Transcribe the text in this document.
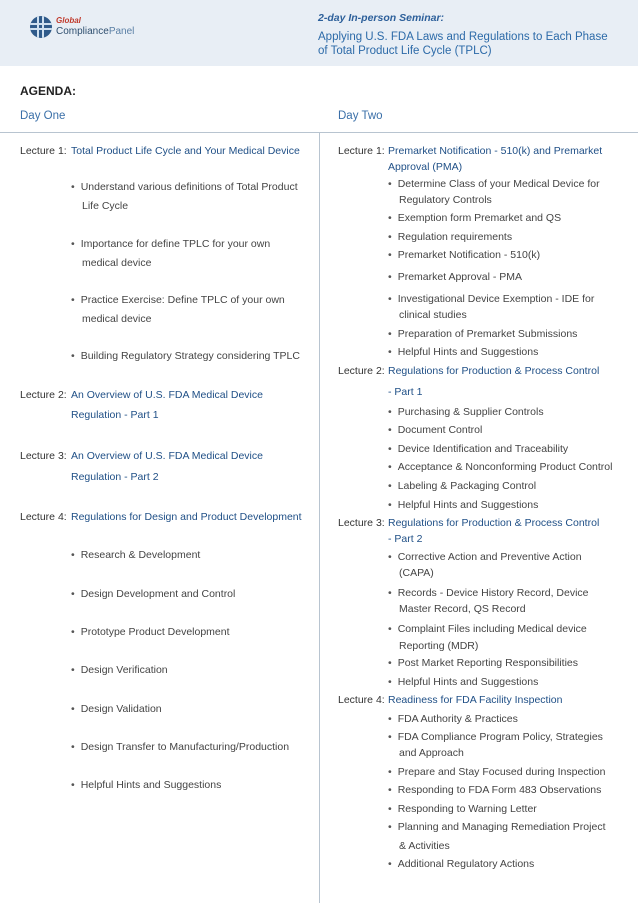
Global
CompliancePanel
2-day In-person Seminar:
Applying U.S. FDA Laws and Regulations to Each Phase
of Total Product Life Cycle (TPLC)
AGENDA:
Day One	Day Two
Lecture 1: Total Product Life Cycle and Your Medical Device
• Understand various definitions of Total Product
Life Cycle
• Importance for define TPLC for your own
medical device
• Practice Exercise: Define TPLC of your own
medical device
• Building Regulatory Strategy considering TPLC
Lecture 2: An Overview of U.S. FDA Medical Device
Regulation - Part 1
Lecture 3: An Overview of U.S. FDA Medical Device
Regulation - Part 2
Lecture 4: Regulations for Design and Product Development
• Research & Development
• Design Development and Control
• Prototype Product Development
• Design Verification
• Design Validation
• Design Transfer to Manufacturing/Production
• Helpful Hints and Suggestions
Lecture 1: Premarket Notification - 510(k) and Premarket
Approval (PMA)
• Determine Class of your Medical Device for
Regulatory Controls
• Exemption form Premarket and QS
• Regulation requirements
• Premarket Notification - 510(k)
• Premarket Approval - PMA
• Investigational Device Exemption - IDE for
clinical studies
• Preparation of Premarket Submissions
• Helpful Hints and Suggestions
Lecture 2: Regulations for Production & Process Control
- Part 1
• Purchasing & Supplier Controls
• Document Control
• Device Identification and Traceability
• Acceptance & Nonconforming Product Control
• Labeling & Packaging Control
• Helpful Hints and Suggestions
Lecture 3: Regulations for Production & Process Control
- Part 2
• Corrective Action and Preventive Action
(CAPA)
• Records - Device History Record, Device
Master Record, QS Record
• Complaint Files including Medical device
Reporting (MDR)
• Post Market Reporting Responsibilities
• Helpful Hints and Suggestions
Lecture 4: Readiness for FDA Facility Inspection
• FDA Authority & Practices
• FDA Compliance Program Policy, Strategies
and Approach
• Prepare and Stay Focused during Inspection
• Responding to FDA Form 483 Observations
• Responding to Warning Letter
• Planning and Managing Remediation Project
& Activities
• Additional Regulatory Actions
